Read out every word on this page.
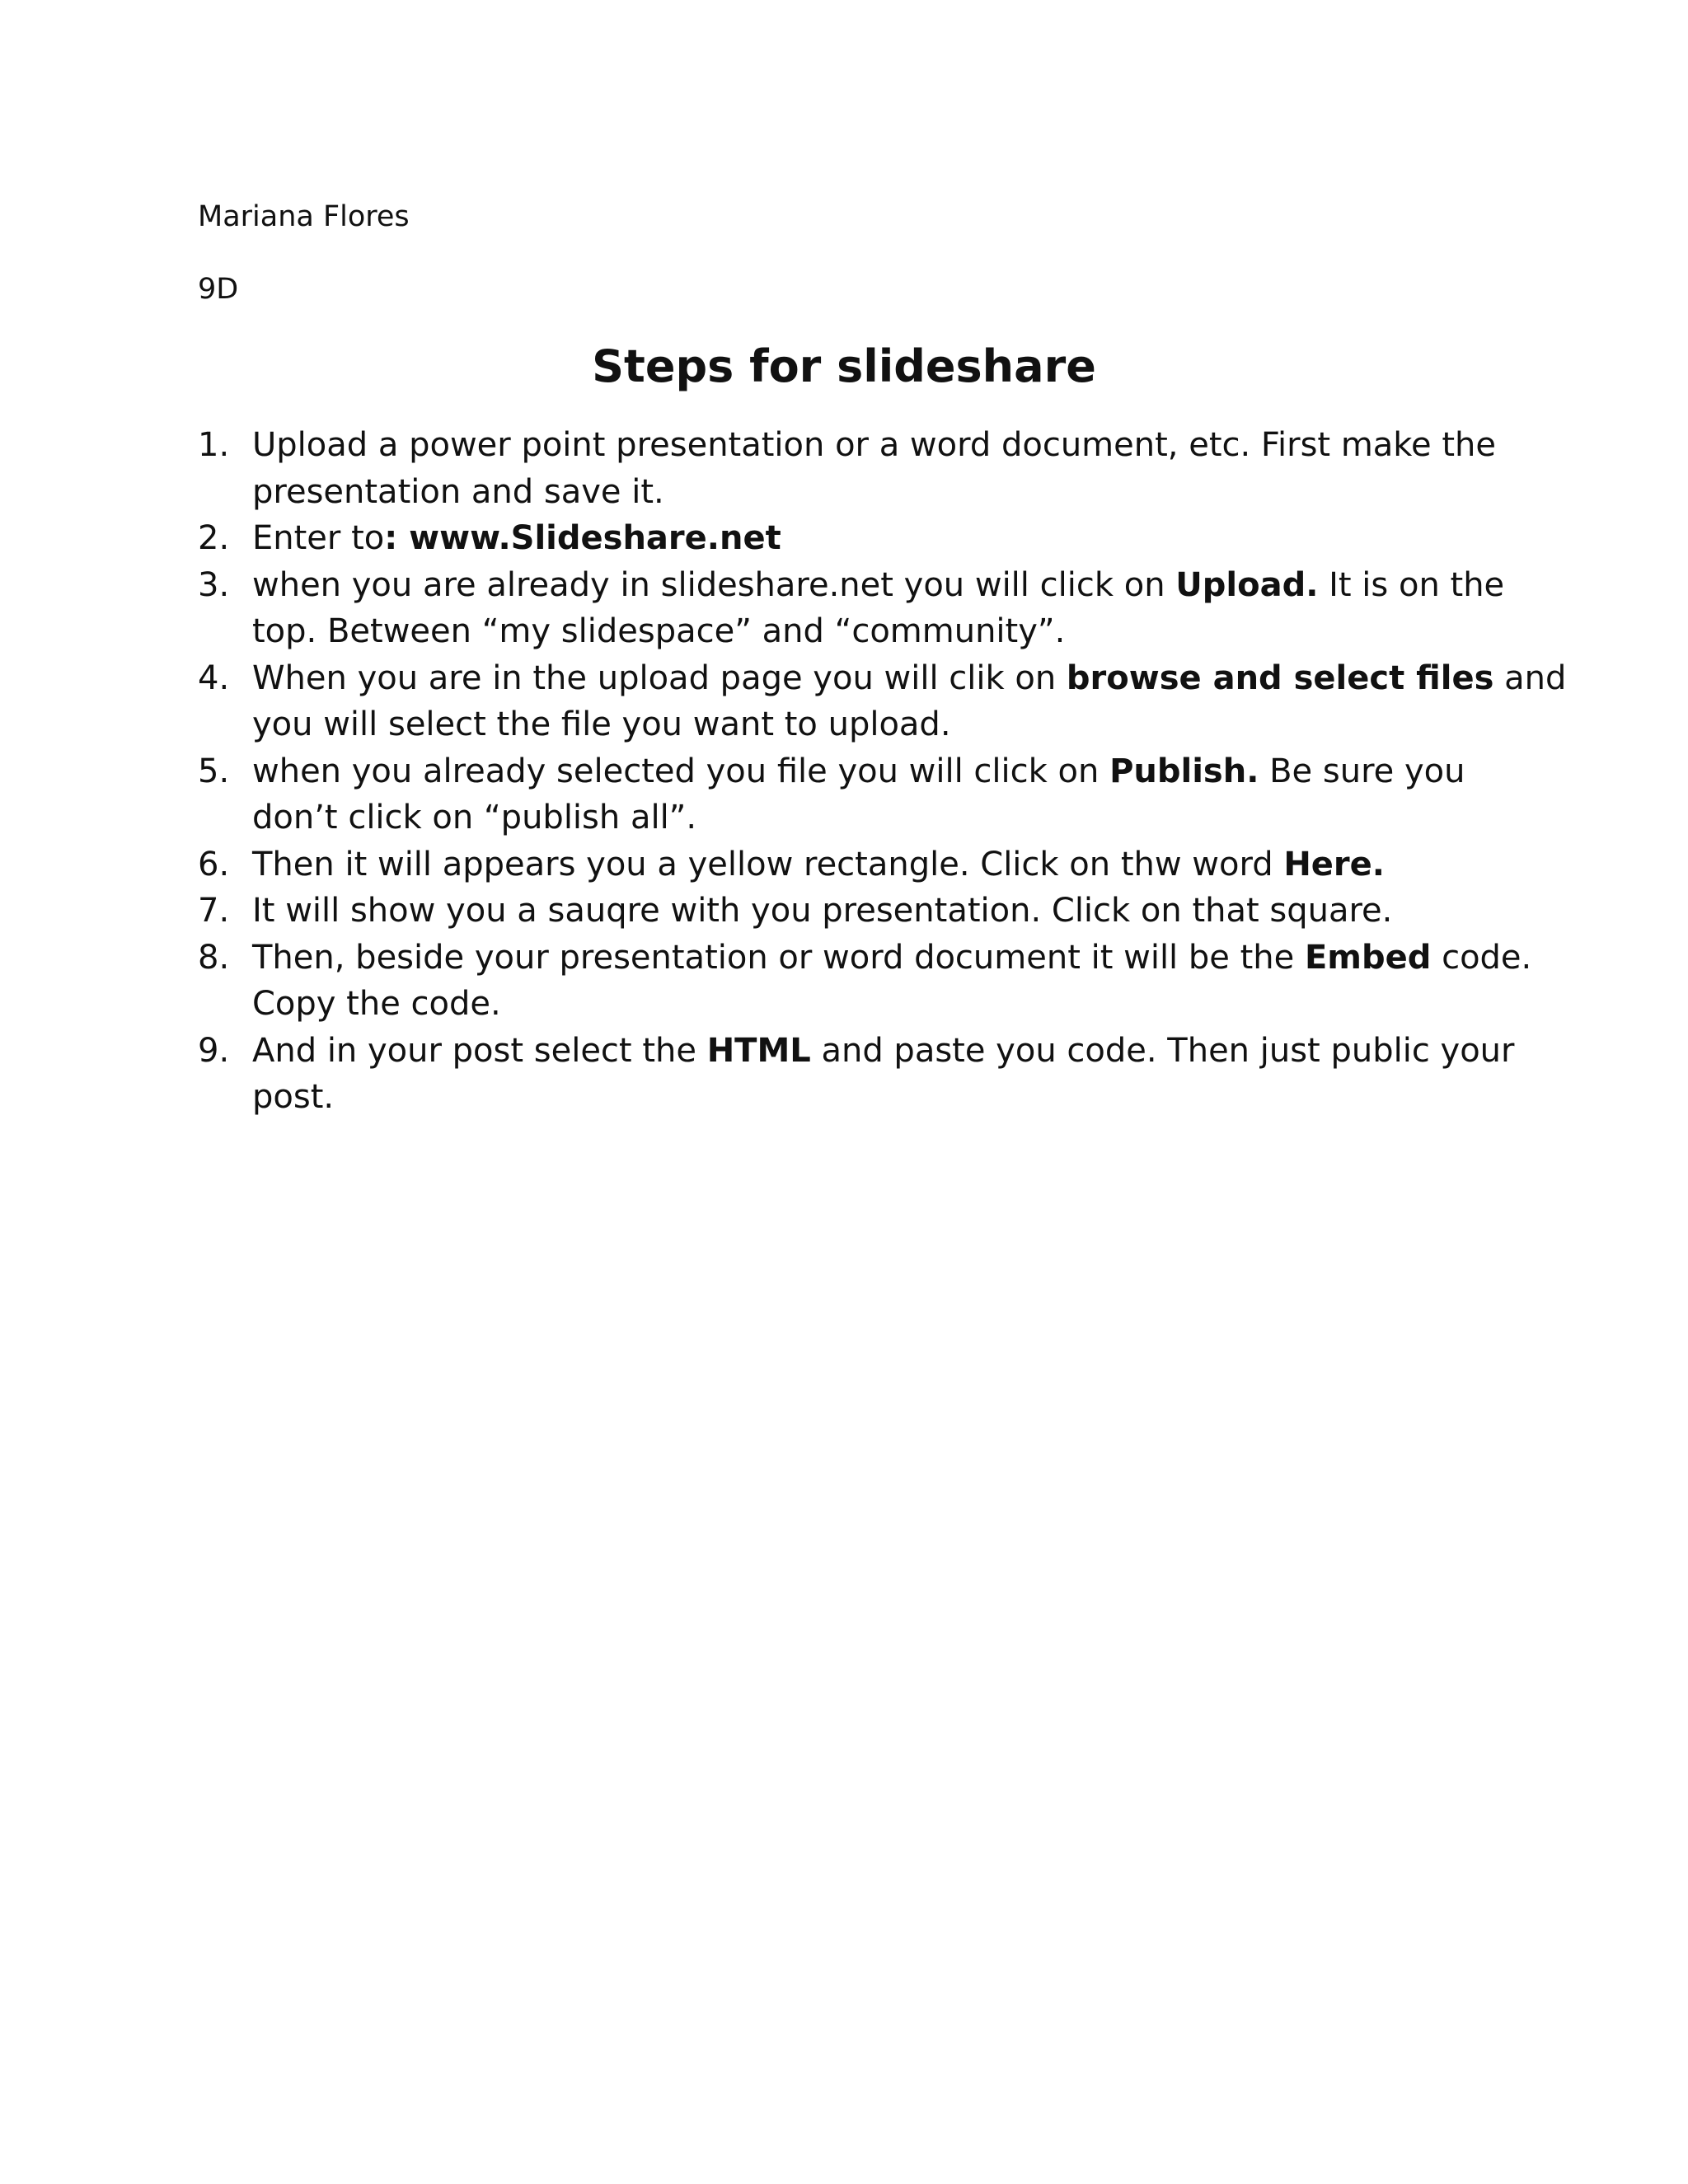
Mariana Flores
9D
Steps for slideshare
1. Upload a power point presentation or a word document, etc. First make the
presentation and save it.
2. Enter to: www.Slideshare.net
3. when you are already in slideshare.net you will click on Upload. It is on the
top. Between “my slidespace” and “community”.
4. When you are in the upload page you will clik on browse and select files and
you will select the file you want to upload.
5. when you already selected you file you will click on Publish. Be sure you
don’t click on “publish all”.
6. Then it will appears you a yellow rectangle. Click on thw word Here.
7. It will show you a sauqre with you presentation. Click on that square.
8. Then, beside your presentation or word document it will be the Embed code.
Copy the code.
9. And in your post select the HTML and paste you code. Then just public your
post.
